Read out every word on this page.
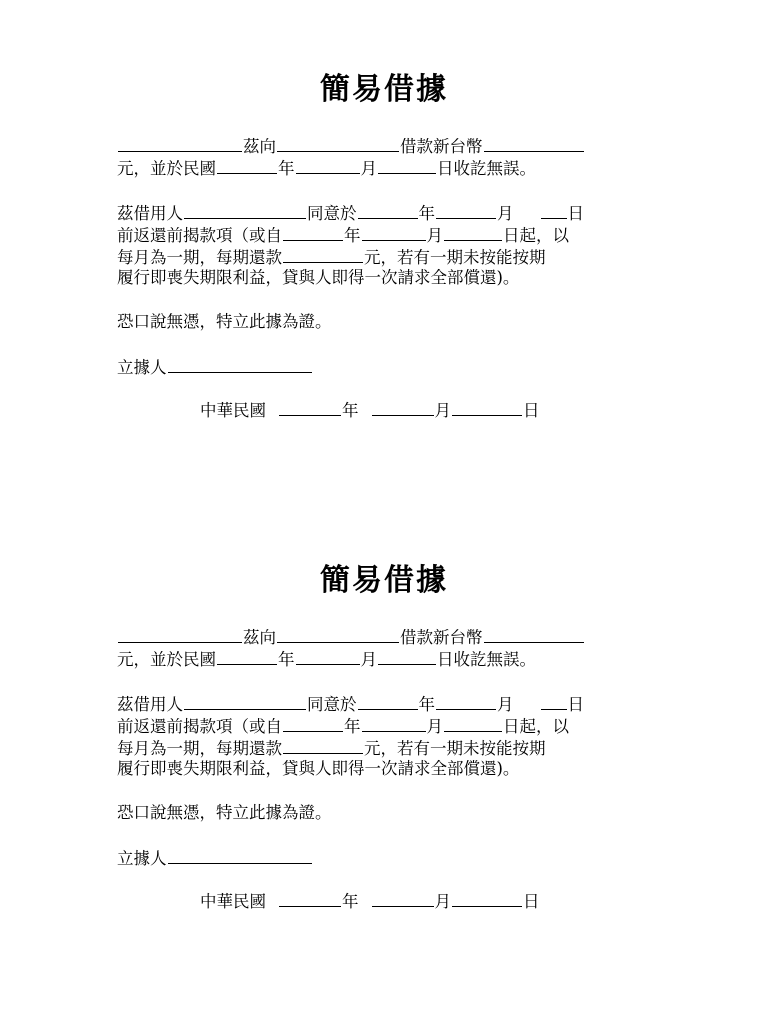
簡易借據
茲向	借款新台幣
元，並於民國	年	月	日收訖無誤。
茲借用人	同意於	年	月	日
前返還前揭款項（或自	年	月	日起，以
每月為一期，每期還款	元，若有一期未按能按期
履行即喪失期限利益，貸與人即得一次請求全部償還)。
恐口說無憑，特立此據為證。
立據人
中華民國	年	月	日
簡易借據
茲向	借款新台幣
元，並於民國	年	月	日收訖無誤。
茲借用人	同意於	年	月	日
前返還前揭款項（或自	年	月	日起，以
每月為一期，每期還款	元，若有一期未按能按期
履行即喪失期限利益，貸與人即得一次請求全部償還)。
恐口說無憑，特立此據為證。
立據人
中華民國	年	月	日
